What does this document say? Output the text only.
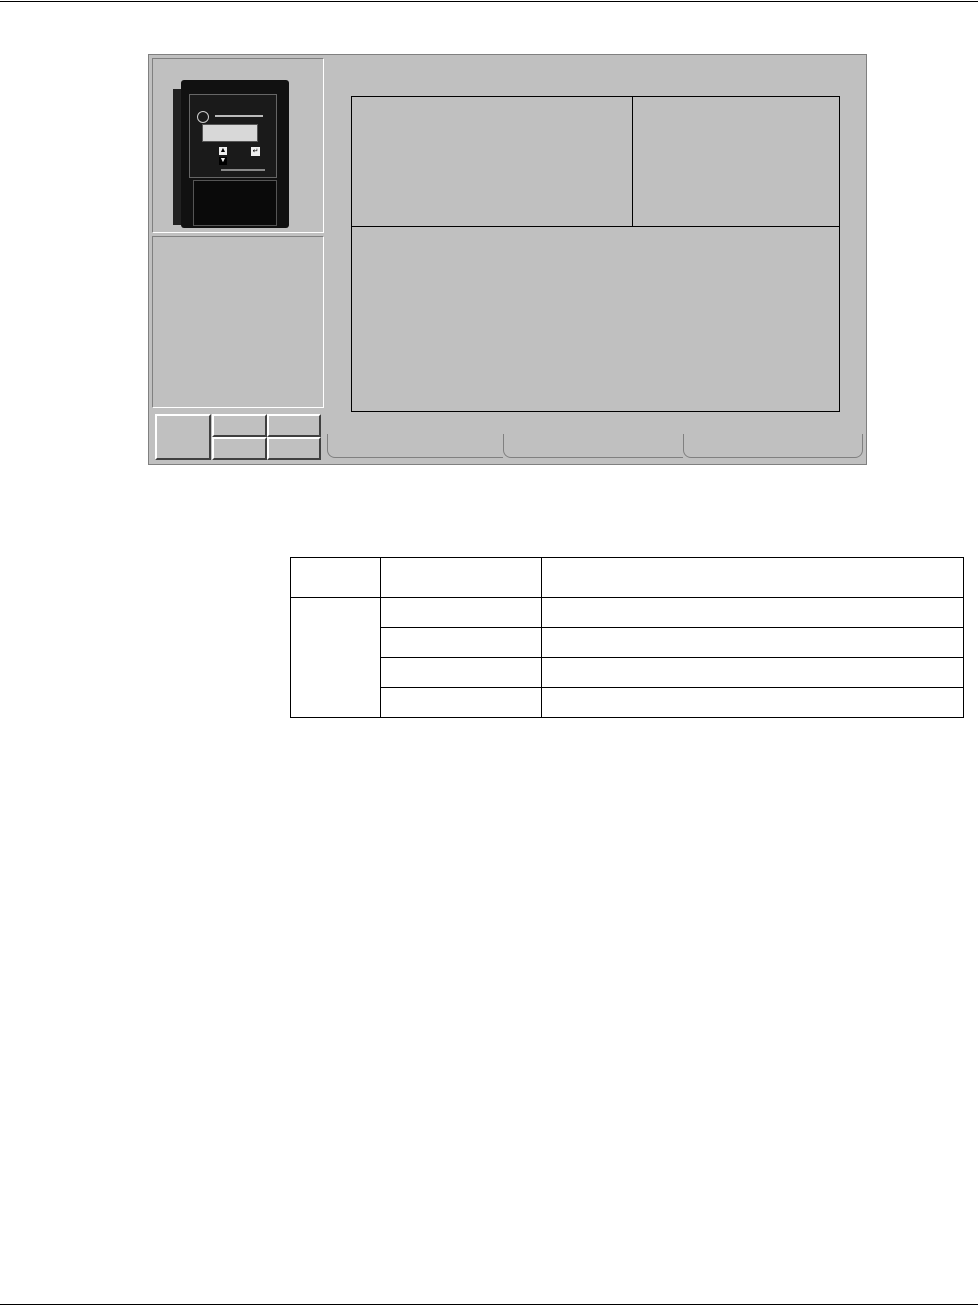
▲
▼
↵
